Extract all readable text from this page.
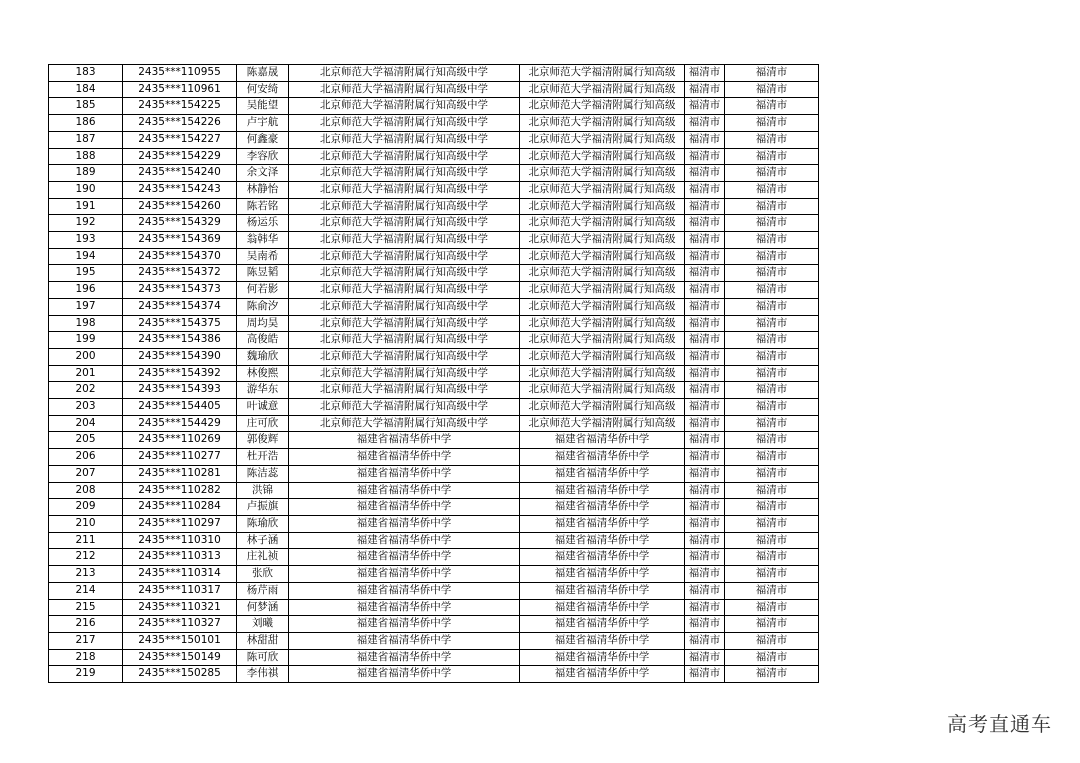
183	2435***110955	陈嘉晟	北京师范大学福清附属行知高级中学	北京师范大学福清附属行知高级	福清市	福清市
184	2435***110961	何安绮	北京师范大学福清附属行知高级中学	北京师范大学福清附属行知高级	福清市	福清市
185	2435***154225	吴能望	北京师范大学福清附属行知高级中学	北京师范大学福清附属行知高级	福清市	福清市
186	2435***154226	卢宇航	北京师范大学福清附属行知高级中学	北京师范大学福清附属行知高级	福清市	福清市
187	2435***154227	何鑫豪	北京师范大学福清附属行知高级中学	北京师范大学福清附属行知高级	福清市	福清市
188	2435***154229	李容欣	北京师范大学福清附属行知高级中学	北京师范大学福清附属行知高级	福清市	福清市
189	2435***154240	余文泽	北京师范大学福清附属行知高级中学	北京师范大学福清附属行知高级	福清市	福清市
190	2435***154243	林静怡	北京师范大学福清附属行知高级中学	北京师范大学福清附属行知高级	福清市	福清市
191	2435***154260	陈若铭	北京师范大学福清附属行知高级中学	北京师范大学福清附属行知高级	福清市	福清市
192	2435***154329	杨运乐	北京师范大学福清附属行知高级中学	北京师范大学福清附属行知高级	福清市	福清市
193	2435***154369	翁韩华	北京师范大学福清附属行知高级中学	北京师范大学福清附属行知高级	福清市	福清市
194	2435***154370	吴南希	北京师范大学福清附属行知高级中学	北京师范大学福清附属行知高级	福清市	福清市
195	2435***154372	陈昱韬	北京师范大学福清附属行知高级中学	北京师范大学福清附属行知高级	福清市	福清市
196	2435***154373	何若影	北京师范大学福清附属行知高级中学	北京师范大学福清附属行知高级	福清市	福清市
197	2435***154374	陈俞汐	北京师范大学福清附属行知高级中学	北京师范大学福清附属行知高级	福清市	福清市
198	2435***154375	周均昊	北京师范大学福清附属行知高级中学	北京师范大学福清附属行知高级	福清市	福清市
199	2435***154386	高俊皓	北京师范大学福清附属行知高级中学	北京师范大学福清附属行知高级	福清市	福清市
200	2435***154390	魏瑜欣	北京师范大学福清附属行知高级中学	北京师范大学福清附属行知高级	福清市	福清市
201	2435***154392	林俊熙	北京师范大学福清附属行知高级中学	北京师范大学福清附属行知高级	福清市	福清市
202	2435***154393	游华东	北京师范大学福清附属行知高级中学	北京师范大学福清附属行知高级	福清市	福清市
203	2435***154405	叶诚意	北京师范大学福清附属行知高级中学	北京师范大学福清附属行知高级	福清市	福清市
204	2435***154429	庄可欣	北京师范大学福清附属行知高级中学	北京师范大学福清附属行知高级	福清市	福清市
205	2435***110269	郭俊辉	福建省福清华侨中学	福建省福清华侨中学	福清市	福清市
206	2435***110277	杜开浩	福建省福清华侨中学	福建省福清华侨中学	福清市	福清市
207	2435***110281	陈洁蕊	福建省福清华侨中学	福建省福清华侨中学	福清市	福清市
208	2435***110282	洪锦	福建省福清华侨中学	福建省福清华侨中学	福清市	福清市
209	2435***110284	卢振旗	福建省福清华侨中学	福建省福清华侨中学	福清市	福清市
210	2435***110297	陈瑜欣	福建省福清华侨中学	福建省福清华侨中学	福清市	福清市
211	2435***110310	林子涵	福建省福清华侨中学	福建省福清华侨中学	福清市	福清市
212	2435***110313	庄礼祯	福建省福清华侨中学	福建省福清华侨中学	福清市	福清市
213	2435***110314	张欣	福建省福清华侨中学	福建省福清华侨中学	福清市	福清市
214	2435***110317	杨芹雨	福建省福清华侨中学	福建省福清华侨中学	福清市	福清市
215	2435***110321	何梦涵	福建省福清华侨中学	福建省福清华侨中学	福清市	福清市
216	2435***110327	刘曦	福建省福清华侨中学	福建省福清华侨中学	福清市	福清市
217	2435***150101	林甜甜	福建省福清华侨中学	福建省福清华侨中学	福清市	福清市
218	2435***150149	陈可欣	福建省福清华侨中学	福建省福清华侨中学	福清市	福清市
219	2435***150285	李伟祺	福建省福清华侨中学	福建省福清华侨中学	福清市	福清市
高考直通车
